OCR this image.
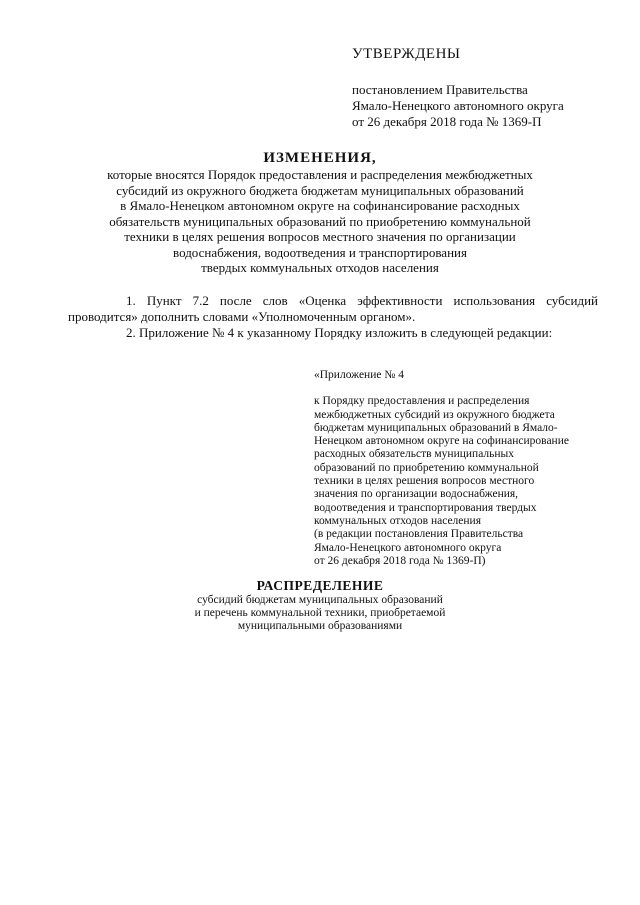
УТВЕРЖДЕНЫ
постановлением Правительства
Ямало-Ненецкого автономного округа
от 26 декабря 2018 года № 1369-П
ИЗМЕНЕНИЯ,
которые вносятся Порядок предоставления и распределения межбюджетных
субсидий из окружного бюджета бюджетам муниципальных образований
в Ямало-Ненецком автономном округе на софинансирование расходных
обязательств муниципальных образований по приобретению коммунальной
техники в целях решения вопросов местного значения по организации
водоснабжения, водоотведения и транспортирования
твердых коммунальных отходов населения
1. Пункт 7.2 после слов «Оценка эффективности использования субсидий проводится» дополнить словами «Уполномоченным органом».
2. Приложение № 4 к указанному Порядку изложить в следующей редакции:
«Приложение № 4
к Порядку предоставления и распределения
межбюджетных субсидий из окружного бюджета
бюджетам муниципальных образований в Ямало-
Ненецком автономном округе на софинансирование
расходных обязательств муниципальных
образований по приобретению коммунальной
техники в целях решения вопросов местного
значения по организации водоснабжения,
водоотведения и транспортирования твердых
коммунальных отходов населения
(в редакции постановления Правительства
Ямало-Ненецкого автономного округа
от 26 декабря 2018 года № 1369-П)
РАСПРЕДЕЛЕНИЕ
субсидий бюджетам муниципальных образований
и перечень коммунальной техники, приобретаемой
муниципальными образованиями
